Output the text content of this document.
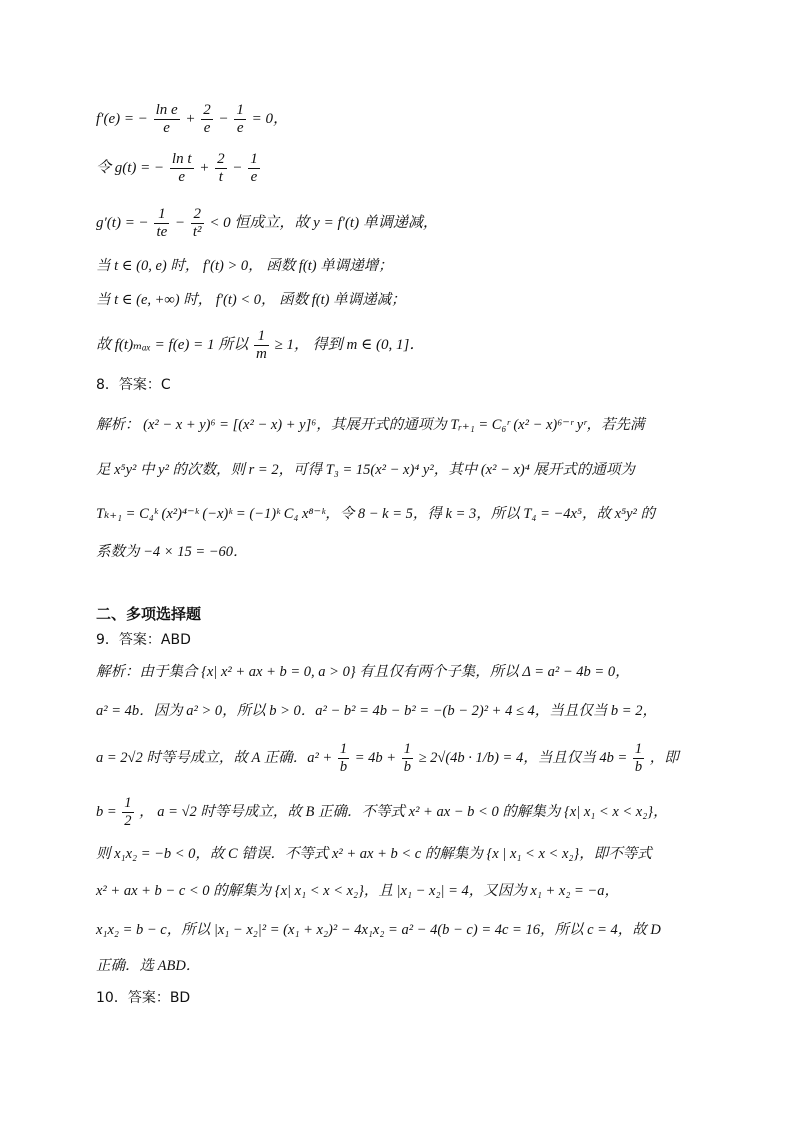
f′(e) = − $\frac{\text{ln e}}{e} + \frac{2}{e} - \frac{1}{e} = 0$，
令 g(t) = − $\frac{\text{ln t}}{e} + \frac{2}{t} - \frac{1}{e}$
g′(t) = − $\frac{1}{te} - \frac{2}{\text{t²}} < 0$ 恒成立，故 y = f′(t) 单调递减，
当 t ∈ (0, e) 时， f′(t) > 0， 函数 f(t) 单调递增；
当 t ∈ (e, +∞) 时， f′(t) < 0， 函数 f(t) 单调递减；
故 f(t)ₘₐₓ = f(e) = 1 所以 $\frac{1}{m} \ge 1$， 得到 m ∈ (0, 1]．
8．答案：C
解析： (x² − x + y)⁶ = [(x² − x) + y]⁶，其展开式的通项为 Tᵣ₊₁ = C₆ʳ (x² − x)⁶⁻ʳ yʳ，若先满
足 x⁵y² 中 y² 的次数，则 r = 2，可得 T₃ = 15(x² − x)⁴ y²，其中 (x² − x)⁴ 展开式的通项为
Tₖ₊₁ = C₄ᵏ (x²)⁴⁻ᵏ (−x)ᵏ = (−1)ᵏ C₄ x⁸⁻ᵏ，令 8 − k = 5，得 k = 3，所以 T₄ = −4x⁵，故 x⁵y² 的
系数为 −4 × 15 = −60．
二、多项选择题
9．答案：ABD
解析：由于集合 {x| x² + ax + b = 0, a > 0} 有且仅有两个子集，所以 Δ = a² − 4b = 0，
a² = 4b．因为 a² > 0，所以 b > 0．a² − b² = 4b − b² = −(b − 2)² + 4 ≤ 4，当且仅当 b = 2，
a = 2√2 时等号成立，故 A 正确．$a^2 + \frac{1}{b} = 4b + \frac{1}{b} \ge 2√(4b \cdot 1/b) = 4$，当且仅当 $4b = \frac{1}{b}$ ，即
$b = \frac{1}{2}$ ， a = √2 时等号成立，故 B 正确．不等式 x² + ax − b < 0 的解集为 {x| x₁ < x < x₂}，
则 x₁x₂ = −b < 0，故 C 错误．不等式 x² + ax + b < c 的解集为 {x | x₁ < x < x₂}，即不等式
x² + ax + b − c < 0 的解集为 {x| x₁ < x < x₂}，且 |x₁ − x₂| = 4，又因为 x₁ + x₂ = −a，
x₁x₂ = b − c，所以 |x₁ − x₂|² = (x₁ + x₂)² − 4x₁x₂ = a² − 4(b − c) = 4c = 16，所以 c = 4，故 D
正确．选 ABD．
10．答案：BD
